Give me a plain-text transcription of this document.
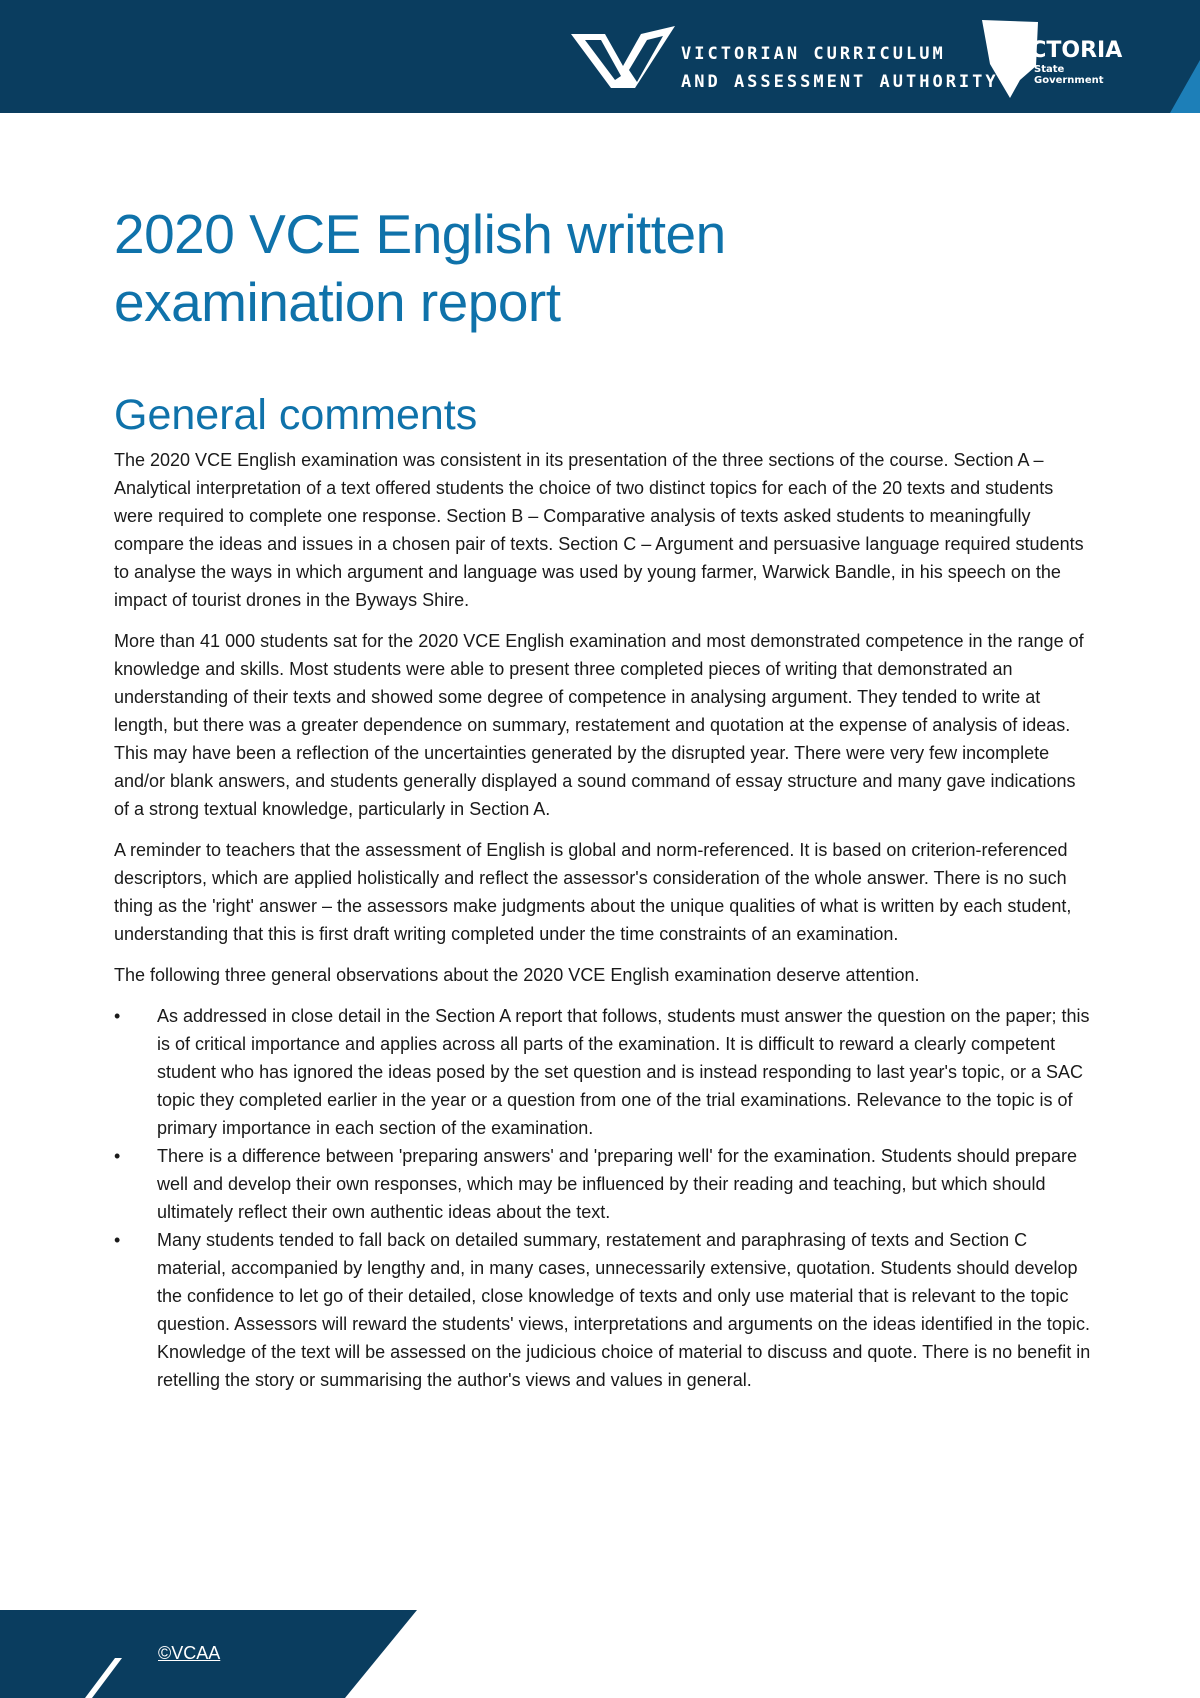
VICTORIAN CURRICULUM
AND ASSESSMENT AUTHORITY
VICTORIA
State
Government
2020 VCE English written
examination report
General comments

The 2020 VCE English examination was consistent in its presentation of the three sections of the course. Section A – Analytical interpretation of a text offered students the choice of two distinct topics for each of the 20 texts and students were required to complete one response. Section B – Comparative analysis of texts asked students to meaningfully compare the ideas and issues in a chosen pair of texts. Section C – Argument and persuasive language required students to analyse the ways in which argument and language was used by young farmer, Warwick Bandle, in his speech on the impact of tourist drones in the Byways Shire.

More than 41 000 students sat for the 2020 VCE English examination and most demonstrated competence in the range of knowledge and skills. Most students were able to present three completed pieces of writing that demonstrated an understanding of their texts and showed some degree of competence in analysing argument. They tended to write at length, but there was a greater dependence on summary, restatement and quotation at the expense of analysis of ideas. This may have been a reflection of the uncertainties generated by the disrupted year. There were very few incomplete and/or blank answers, and students generally displayed a sound command of essay structure and many gave indications of a strong textual knowledge, particularly in Section A.

A reminder to teachers that the assessment of English is global and norm-referenced. It is based on criterion-referenced descriptors, which are applied holistically and reflect the assessor's consideration of the whole answer. There is no such thing as the 'right' answer – the assessors make judgments about the unique qualities of what is written by each student, understanding that this is first draft writing completed under the time constraints of an examination.

The following three general observations about the 2020 VCE English examination deserve attention.

• As addressed in close detail in the Section A report that follows, students must answer the question on the paper; this is of critical importance and applies across all parts of the examination. It is difficult to reward a clearly competent student who has ignored the ideas posed by the set question and is instead responding to last year's topic, or a SAC topic they completed earlier in the year or a question from one of the trial examinations. Relevance to the topic is of primary importance in each section of the examination.
• There is a difference between 'preparing answers' and 'preparing well' for the examination. Students should prepare well and develop their own responses, which may be influenced by their reading and teaching, but which should ultimately reflect their own authentic ideas about the text.
• Many students tended to fall back on detailed summary, restatement and paraphrasing of texts and Section C material, accompanied by lengthy and, in many cases, unnecessarily extensive, quotation. Students should develop the confidence to let go of their detailed, close knowledge of texts and only use material that is relevant to the topic question. Assessors will reward the students' views, interpretations and arguments on the ideas identified in the topic. Knowledge of the text will be assessed on the judicious choice of material to discuss and quote. There is no benefit in retelling the story or summarising the author's views and values in general.
©VCAA
